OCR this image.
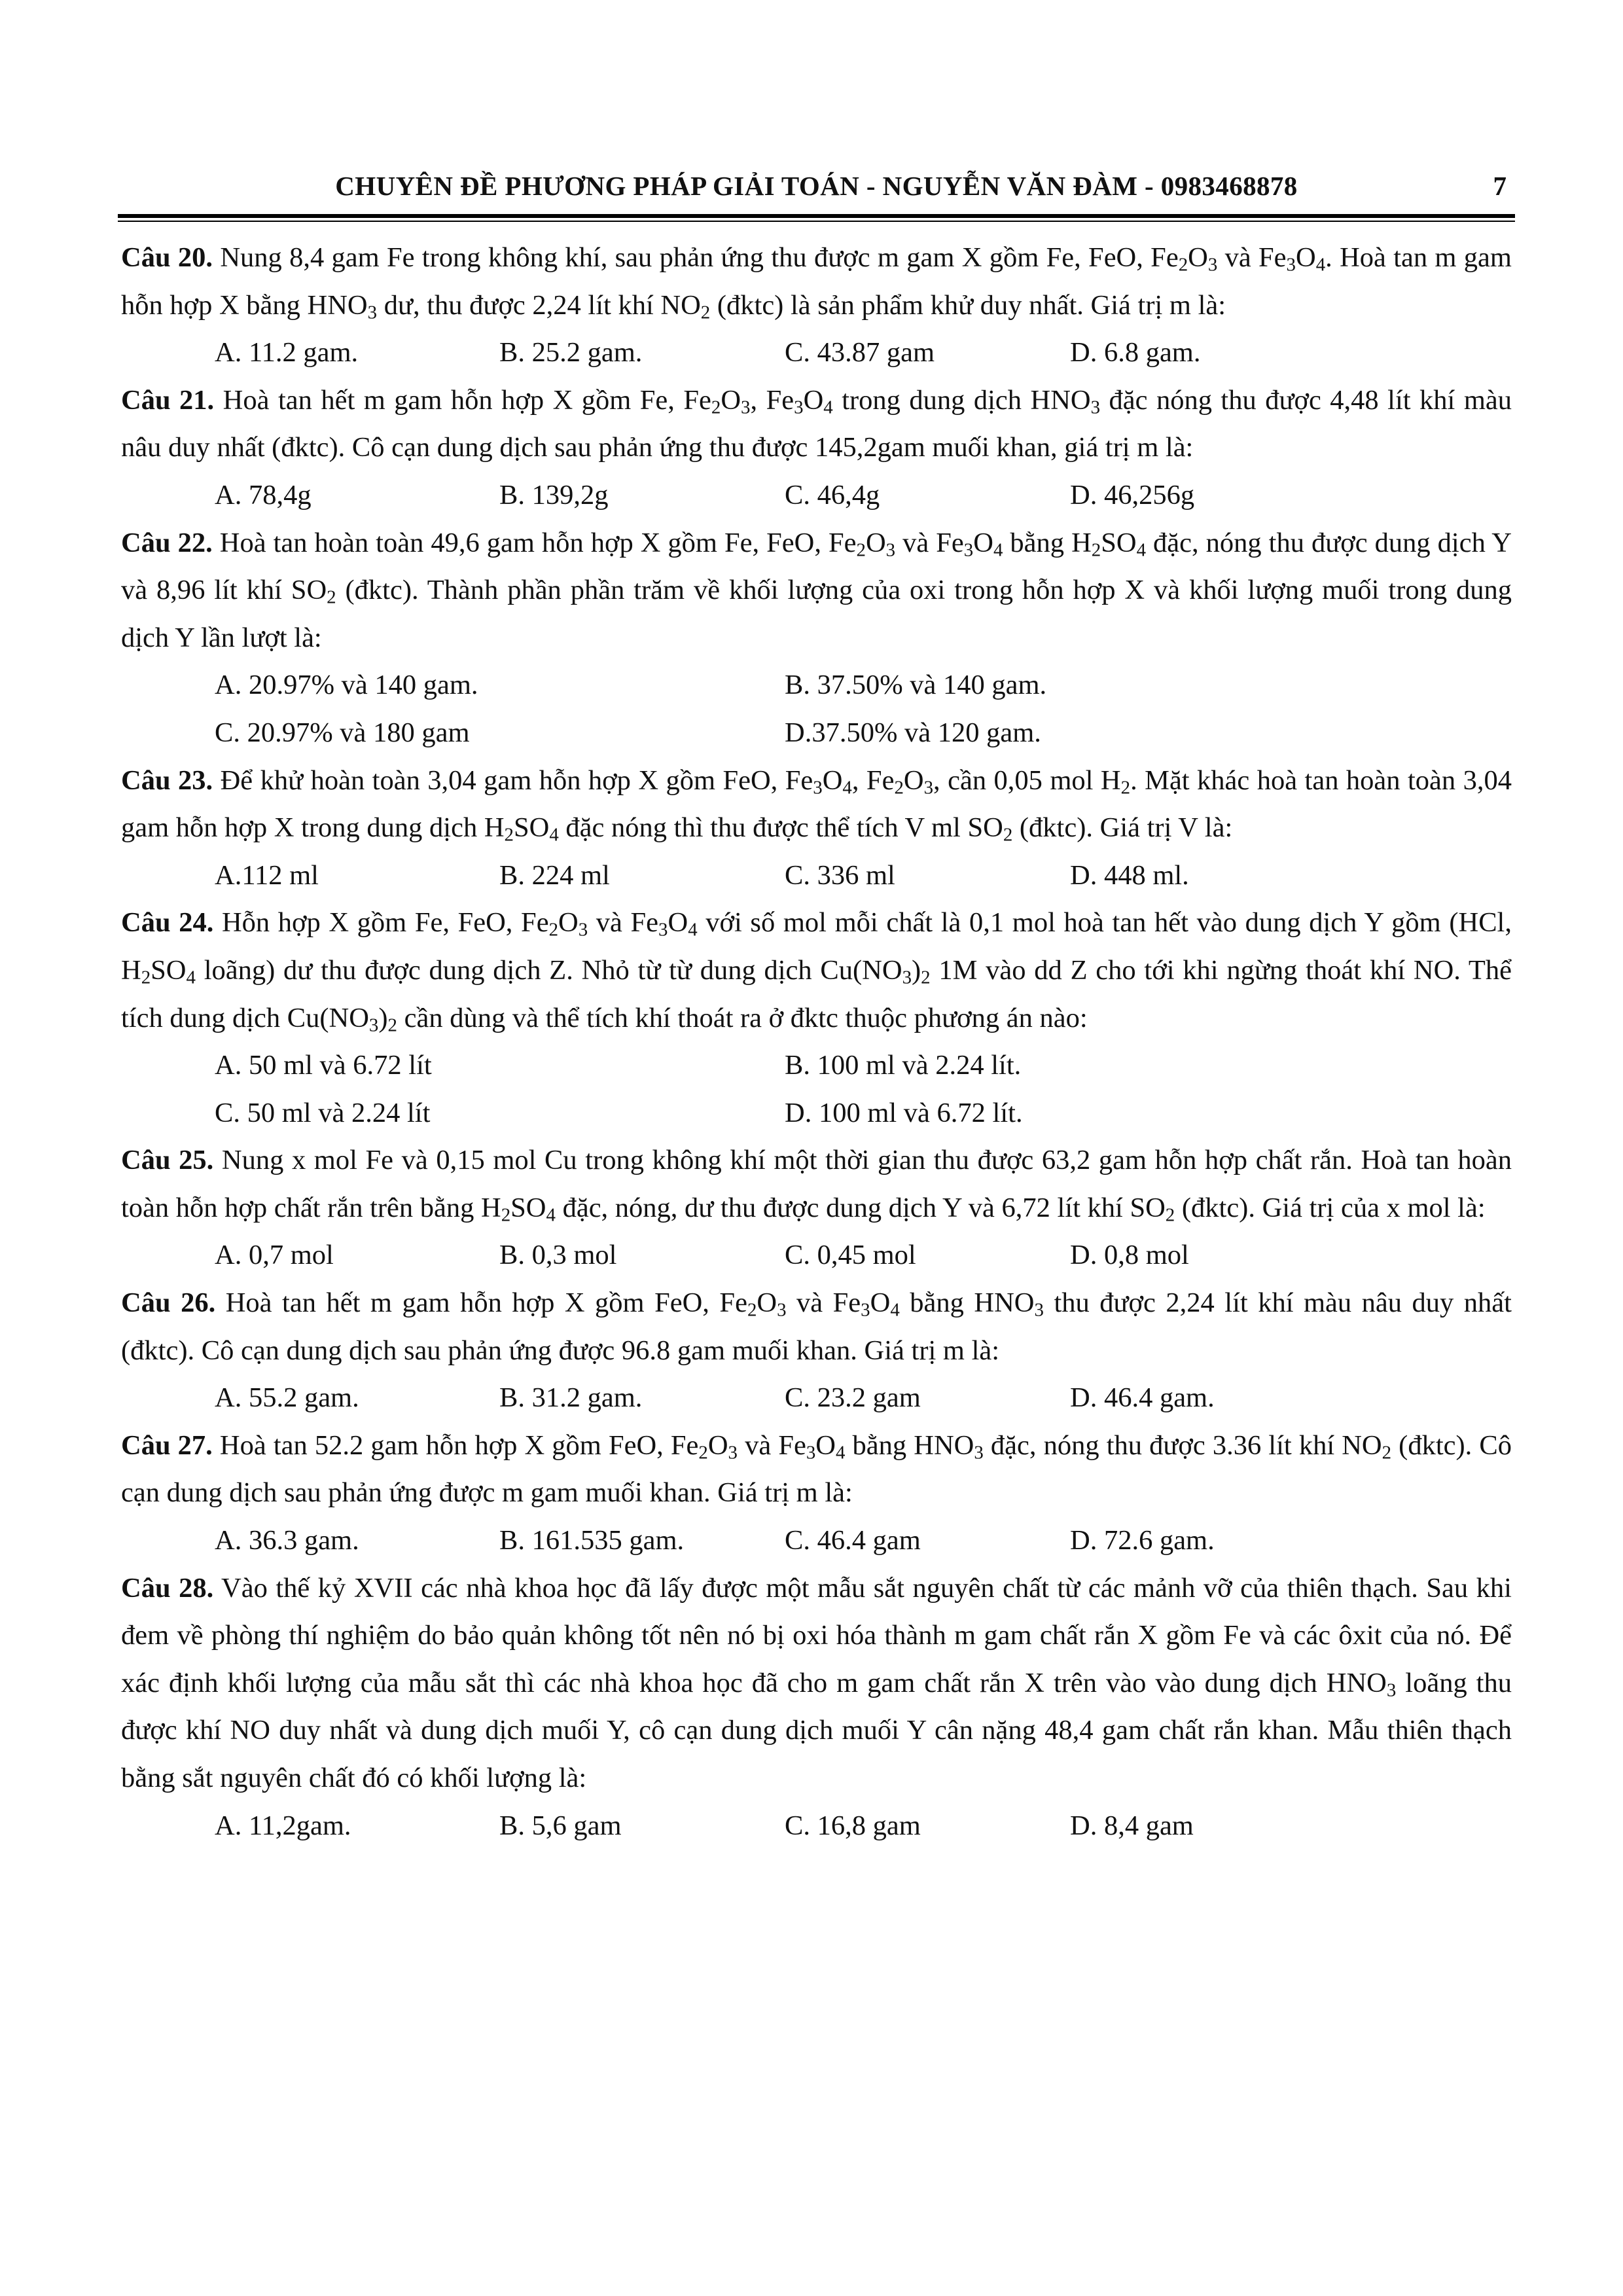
CHUYÊN ĐỀ PHƯƠNG PHÁP GIẢI TOÁN - NGUYỄN VĂN ĐÀM - 0983468878	7

Câu 20. Nung 8,4 gam Fe trong không khí, sau phản ứng thu được m gam X gồm Fe, FeO, $Fe_2O_3$ và $Fe_3O_4$. Hoà tan m gam hỗn hợp X bằng $HNO_3$ dư, thu được 2,24 lít khí $NO_2$ (đktc) là sản phẩm khử duy nhất. Giá trị m là:

A. 11.2 gam.	B. 25.2 gam.	C. 43.87 gam	D. 6.8 gam.

Câu 21. Hoà tan hết m gam hỗn hợp X gồm Fe, $Fe_2O_3$, $Fe_3O_4$ trong dung dịch $HNO_3$ đặc nóng thu được 4,48 lít khí màu nâu duy nhất (đktc). Cô cạn dung dịch sau phản ứng thu được 145,2gam muối khan, giá trị m là:

A. 78,4g	B. 139,2g	C. 46,4g	D. 46,256g

Câu 22. Hoà tan hoàn toàn 49,6 gam hỗn hợp X gồm Fe, FeO, $Fe_2O_3$ và $Fe_3O_4$ bằng $H_2SO_4$ đặc, nóng thu được dung dịch Y và 8,96 lít khí $SO_2$ (đktc). Thành phần phần trăm về khối lượng của oxi trong hỗn hợp X và khối lượng muối trong dung dịch Y lần lượt là:

A. 20.97% và 140 gam.	B. 37.50% và 140 gam.
C. 20.97% và 180 gam	D.37.50% và 120 gam.

Câu 23. Để khử hoàn toàn 3,04 gam hỗn hợp X gồm FeO, $Fe_3O_4$, $Fe_2O_3$, cần 0,05 mol $H_2$. Mặt khác hoà tan hoàn toàn 3,04 gam hỗn hợp X trong dung dịch $H_2SO_4$ đặc nóng thì thu được thể tích V ml $SO_2$ (đktc). Giá trị V là:

A.112 ml	B. 224 ml	C. 336 ml	D. 448 ml.

Câu 24. Hỗn hợp X gồm Fe, FeO, $Fe_2O_3$ và $Fe_3O_4$ với số mol mỗi chất là 0,1 mol hoà tan hết vào dung dịch Y gồm (HCl, $H_2SO_4$ loãng) dư thu được dung dịch Z. Nhỏ từ từ dung dịch $Cu(NO_3)_2$ 1M vào dd Z cho tới khi ngừng thoát khí NO. Thể tích dung dịch $Cu(NO_3)_2$ cần dùng và thể tích khí thoát ra ở đktc thuộc phương án nào:

A. 50 ml và 6.72 lít	B. 100 ml và 2.24 lít.
C. 50 ml và 2.24 lít	D. 100 ml và 6.72 lít.

Câu 25. Nung x mol Fe và 0,15 mol Cu trong không khí một thời gian thu được 63,2 gam hỗn hợp chất rắn. Hoà tan hoàn toàn hỗn hợp chất rắn trên bằng $H_2SO_4$ đặc, nóng, dư thu được dung dịch Y và 6,72 lít khí $SO_2$ (đktc). Giá trị của x mol là:

A. 0,7 mol	B. 0,3 mol	C. 0,45 mol	D. 0,8 mol

Câu 26. Hoà tan hết m gam hỗn hợp X gồm FeO, $Fe_2O_3$ và $Fe_3O_4$ bằng $HNO_3$ thu được 2,24 lít khí màu nâu duy nhất (đktc). Cô cạn dung dịch sau phản ứng được 96.8 gam muối khan. Giá trị m là:

A. 55.2 gam.	B. 31.2 gam.	C. 23.2 gam	D. 46.4 gam.

Câu 27. Hoà tan 52.2 gam hỗn hợp X gồm FeO, $Fe_2O_3$ và $Fe_3O_4$ bằng $HNO_3$ đặc, nóng thu được 3.36 lít khí $NO_2$ (đktc). Cô cạn dung dịch sau phản ứng được m gam muối khan. Giá trị m là:

A. 36.3 gam.	B. 161.535 gam.	C. 46.4 gam	D. 72.6 gam.

Câu 28. Vào thế kỷ XVII các nhà khoa học đã lấy được một mẫu sắt nguyên chất từ các mảnh vỡ của thiên thạch. Sau khi đem về phòng thí nghiệm do bảo quản không tốt nên nó bị oxi hóa thành m gam chất rắn X gồm Fe và các ôxit của nó. Để xác định khối lượng của mẫu sắt thì các nhà khoa học đã cho m gam chất rắn X trên vào vào dung dịch $HNO_3$ loãng thu được khí NO duy nhất và dung dịch muối Y, cô cạn dung dịch muối Y cân nặng 48,4 gam chất rắn khan. Mẫu thiên thạch bằng sắt nguyên chất đó có khối lượng là:

A. 11,2gam.	B. 5,6 gam	C. 16,8 gam	D. 8,4 gam
